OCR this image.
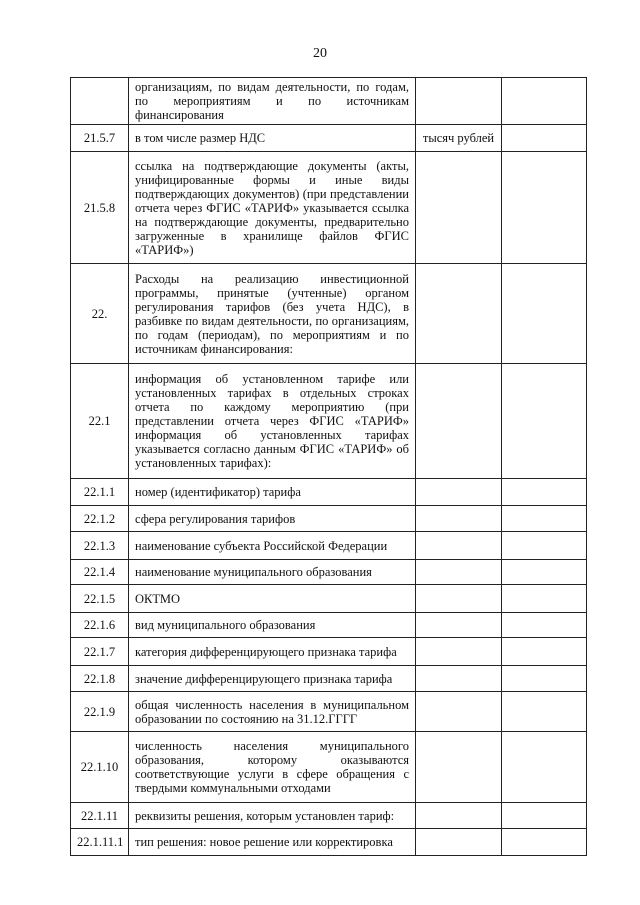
20
	организациям, по видам деятельности, по годам, по мероприятиям и по источникам финансирования		
21.5.7	в том числе размер НДС	тысяч рублей	
21.5.8	ссылка на подтверждающие документы (акты, унифицированные формы и иные виды подтверждающих документов) (при представлении отчета через ФГИС «ТАРИФ» указывается ссылка на подтверждающие документы, предварительно загруженные в хранилище файлов ФГИС «ТАРИФ»)		
22.	Расходы на реализацию инвестиционной программы, принятые (учтенные) органом регулирования тарифов (без учета НДС), в разбивке по видам деятельности, по организациям, по годам (периодам), по мероприятиям и по источникам финансирования:		
22.1	информация об установленном тарифе или установленных тарифах в отдельных строках отчета по каждому мероприятию (при представлении отчета через ФГИС «ТАРИФ» информация об установленных тарифах указывается согласно данным ФГИС «ТАРИФ» об установленных тарифах):		
22.1.1	номер (идентификатор) тарифа		
22.1.2	сфера регулирования тарифов		
22.1.3	наименование субъекта Российской Федерации		
22.1.4	наименование муниципального образования		
22.1.5	ОКТМО		
22.1.6	вид муниципального образования		
22.1.7	категория дифференцирующего признака тарифа		
22.1.8	значение дифференцирующего признака тарифа		
22.1.9	общая численность населения в муниципальном образовании по состоянию на 31.12.ГГГГ		
22.1.10	численность населения муниципального образования, которому оказываются соответствующие услуги в сфере обращения с твердыми коммунальными отходами		
22.1.11	реквизиты решения, которым установлен тариф:		
22.1.11.1	тип решения: новое решение или корректировка		
